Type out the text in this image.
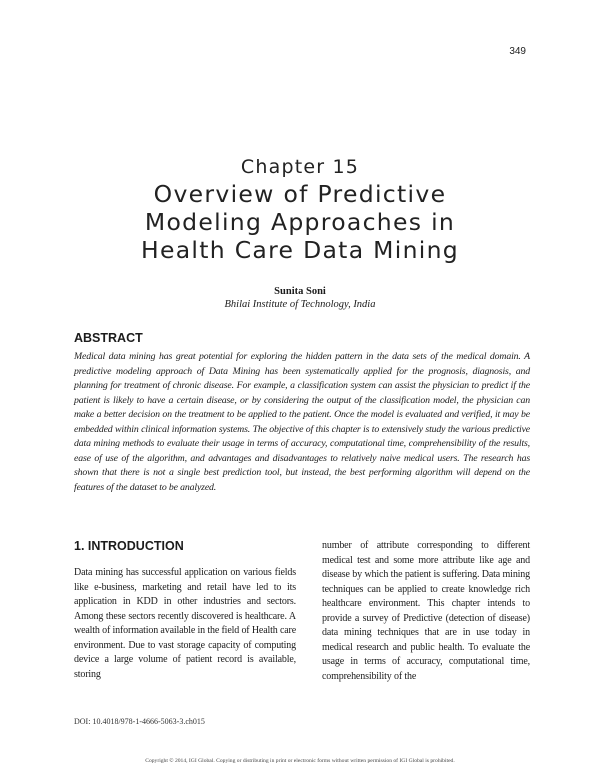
349
Chapter 15
Overview of Predictive
Modeling Approaches in
Health Care Data Mining
Sunita Soni
Bhilai Institute of Technology, India
ABSTRACT
Medical data mining has great potential for exploring the hidden pattern in the data sets of the medical domain. A predictive modeling approach of Data Mining has been systematically applied for the prognosis, diagnosis, and planning for treatment of chronic disease. For example, a classification system can assist the physician to predict if the patient is likely to have a certain disease, or by considering the output of the classification model, the physician can make a better decision on the treatment to be applied to the patient. Once the model is evaluated and verified, it may be embedded within clinical information systems. The objective of this chapter is to extensively study the various predictive data mining methods to evaluate their usage in terms of accuracy, computational time, comprehensibility of the results, ease of use of the algorithm, and advantages and disadvantages to relatively naive medical users. The research has shown that there is not a single best prediction tool, but instead, the best performing algorithm will depend on the features of the dataset to be analyzed.
1. INTRODUCTION
Data mining has successful application on various fields like e-business, marketing and retail have led to its application in KDD in other industries and sectors. Among these sectors recently discovered is healthcare. A wealth of information available in the field of Health care environment. Due to vast storage capacity of computing device a large volume of patient record is available, storing
number of attribute corresponding to different medical test and some more attribute like age and disease by which the patient is suffering. Data mining techniques can be applied to create knowledge rich healthcare environment. This chapter intends to provide a survey of Predictive (detection of disease) data mining techniques that are in use today in medical research and public health. To evaluate the usage in terms of accuracy, computational time, comprehensibility of the
DOI: 10.4018/978-1-4666-5063-3.ch015
Copyright © 2014, IGI Global. Copying or distributing in print or electronic forms without written permission of IGI Global is prohibited.
